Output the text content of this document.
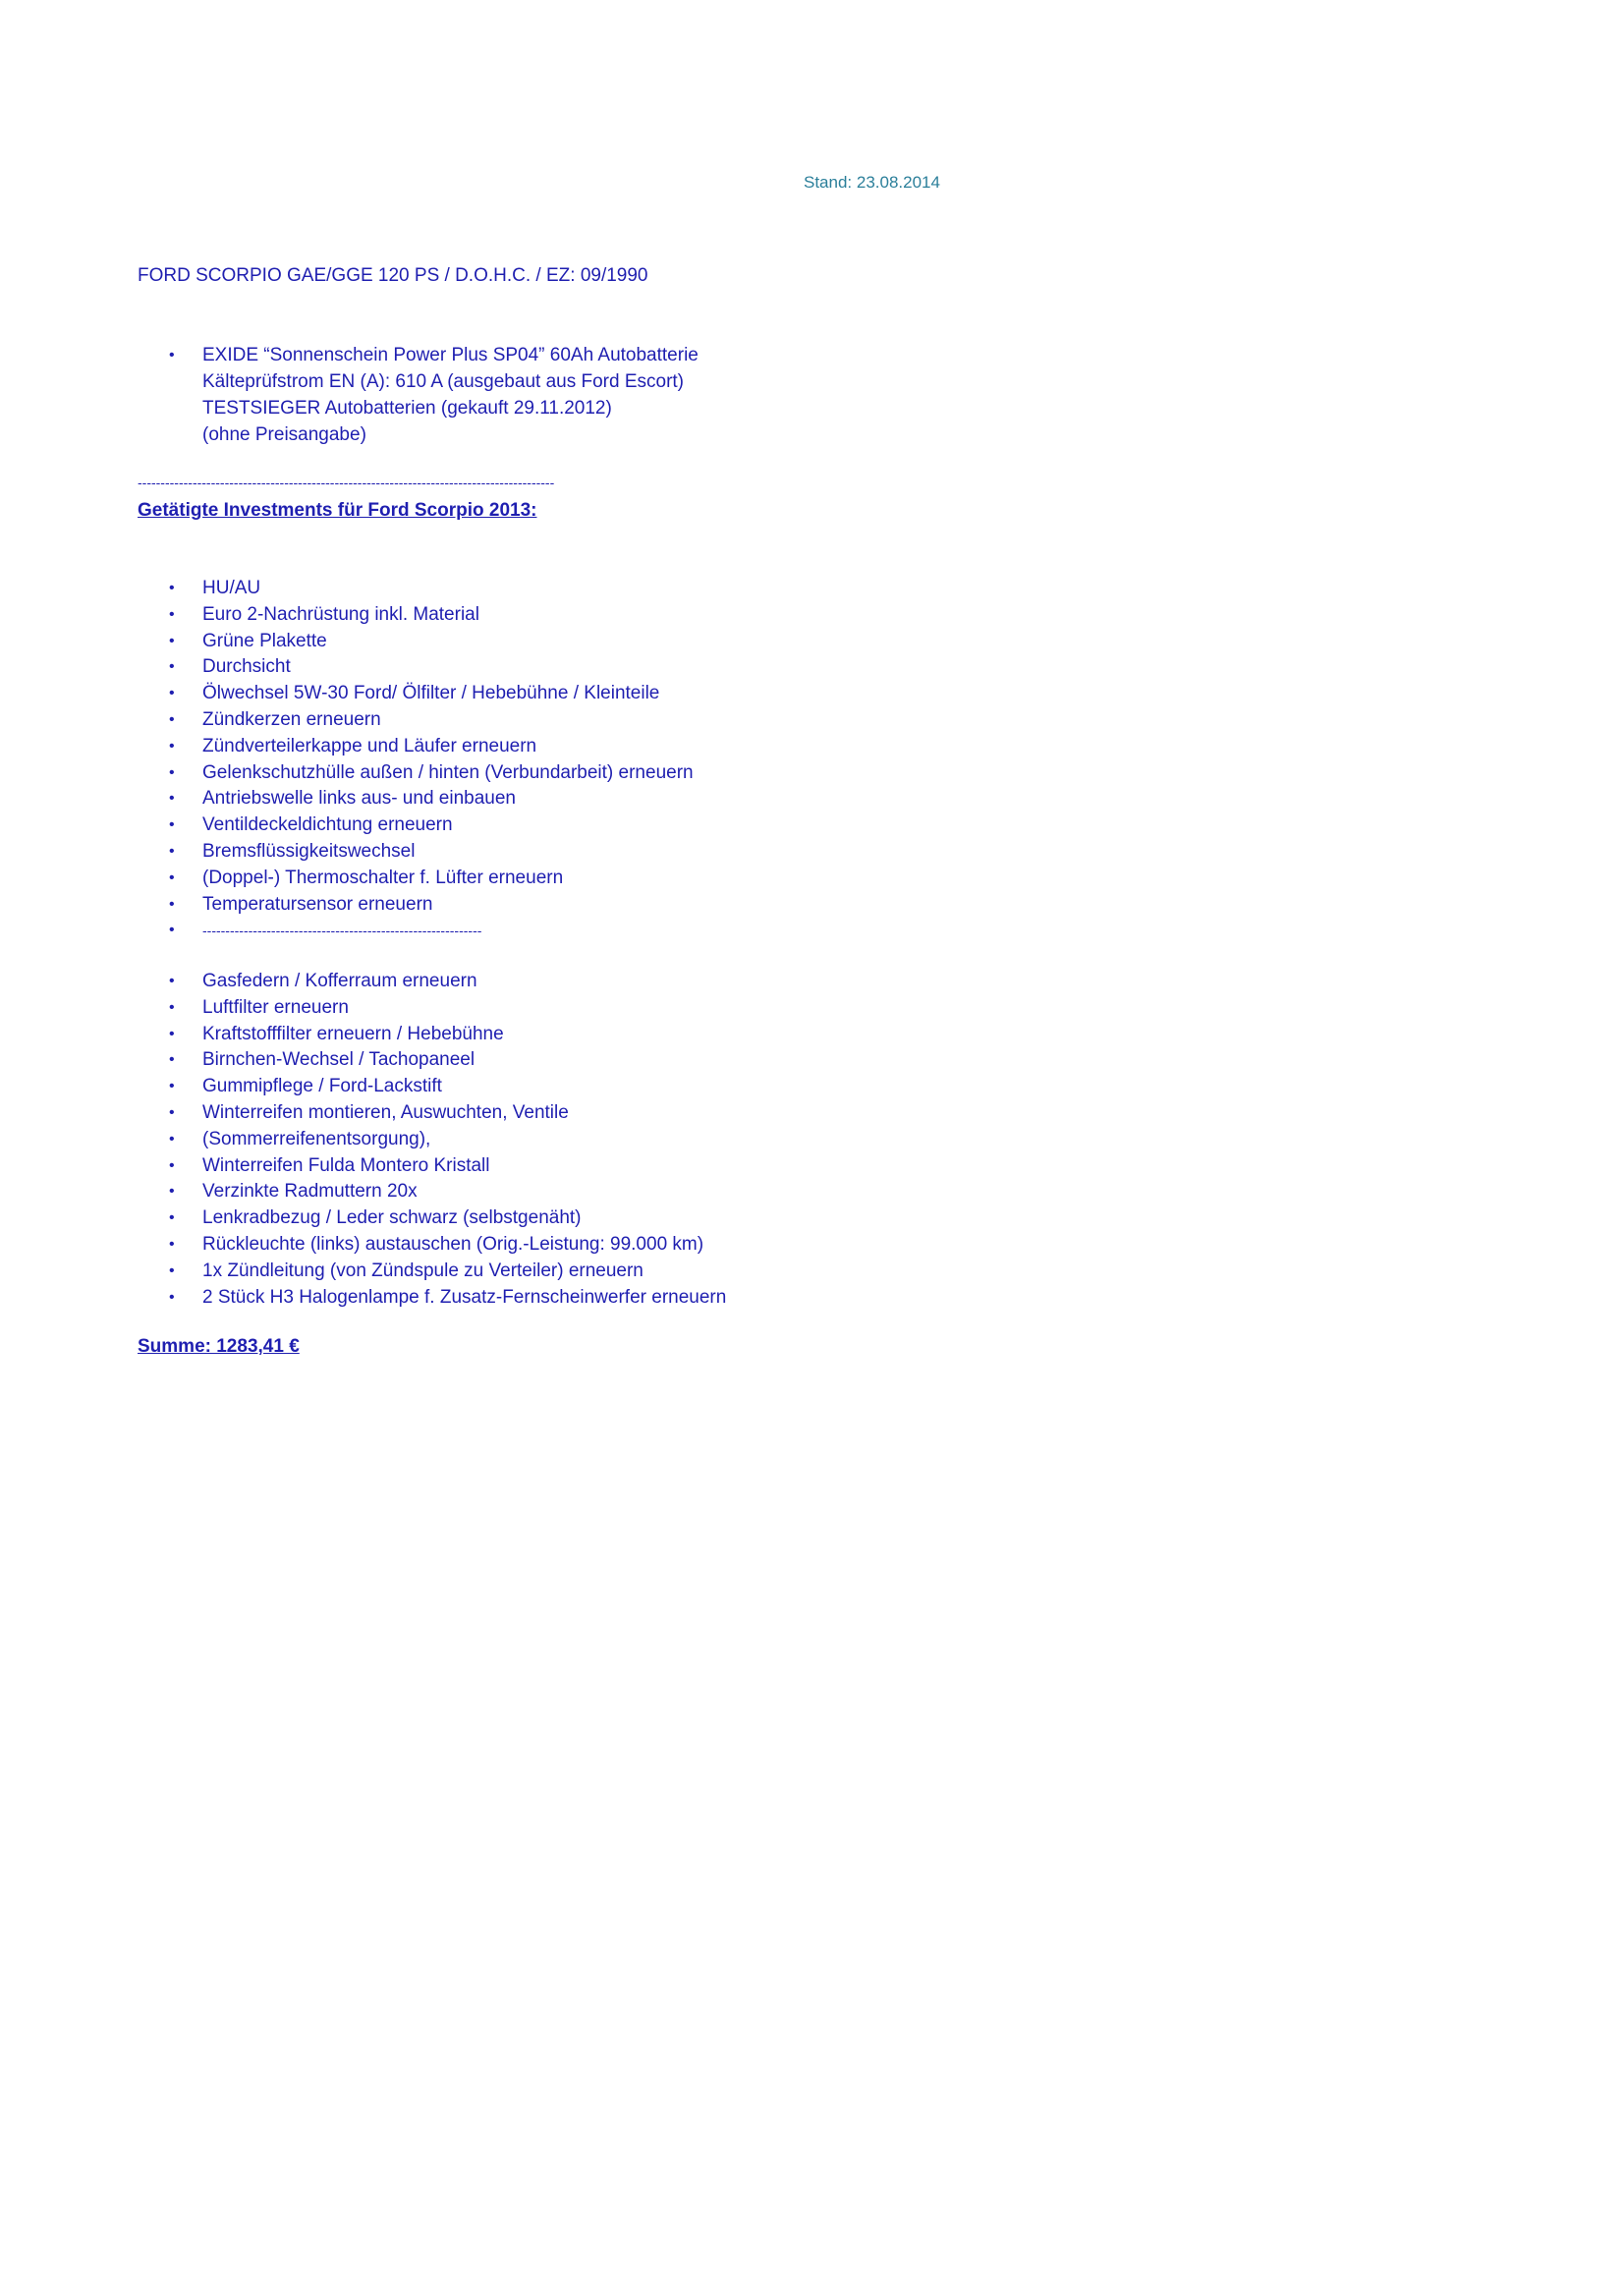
Stand: 23.08.2014
FORD SCORPIO GAE/GGE 120 PS / D.O.H.C. / EZ: 09/1990
•	EXIDE “Sonnenschein Power Plus SP04” 60Ah Autobatterie
Kälteprüfstrom EN (A): 610 A (ausgebaut aus Ford Escort)
TESTSIEGER Autobatterien (gekauft 29.11.2012)
(ohne Preisangabe)
-------------------------------------------------------------------------------------------
Getätigte Investments für Ford Scorpio 2013:
• HU/AU
• Euro 2-Nachrüstung inkl. Material
• Grüne Plakette
• Durchsicht
• Ölwechsel 5W-30 Ford/ Ölfilter / Hebebühne / Kleinteile
• Zündkerzen erneuern
• Zündverteilerkappe und Läufer erneuern
• Gelenkschutzhülle außen / hinten (Verbundarbeit) erneuern
• Antriebswelle links aus- und einbauen
• Ventildeckeldichtung erneuern
• Bremsflüssigkeitswechsel
• (Doppel-) Thermoschalter f. Lüfter erneuern
• Temperatursensor erneuern
• -------------------------------------------------------------
• Gasfedern / Kofferraum erneuern
• Luftfilter erneuern
• Kraftstofffilter erneuern / Hebebühne
• Birnchen-Wechsel / Tachopaneel
• Gummipflege / Ford-Lackstift
• Winterreifen montieren, Auswuchten, Ventile
• (Sommerreifenentsorgung),
• Winterreifen Fulda Montero Kristall
• Verzinkte Radmuttern 20x
• Lenkradbezug / Leder schwarz (selbstgenäht)
• Rückleuchte (links) austauschen (Orig.-Leistung: 99.000 km)
• 1x Zündleitung (von Zündspule zu Verteiler) erneuern
• 2 Stück H3 Halogenlampe f. Zusatz-Fernscheinwerfer erneuern
Summe: 1283,41 €
